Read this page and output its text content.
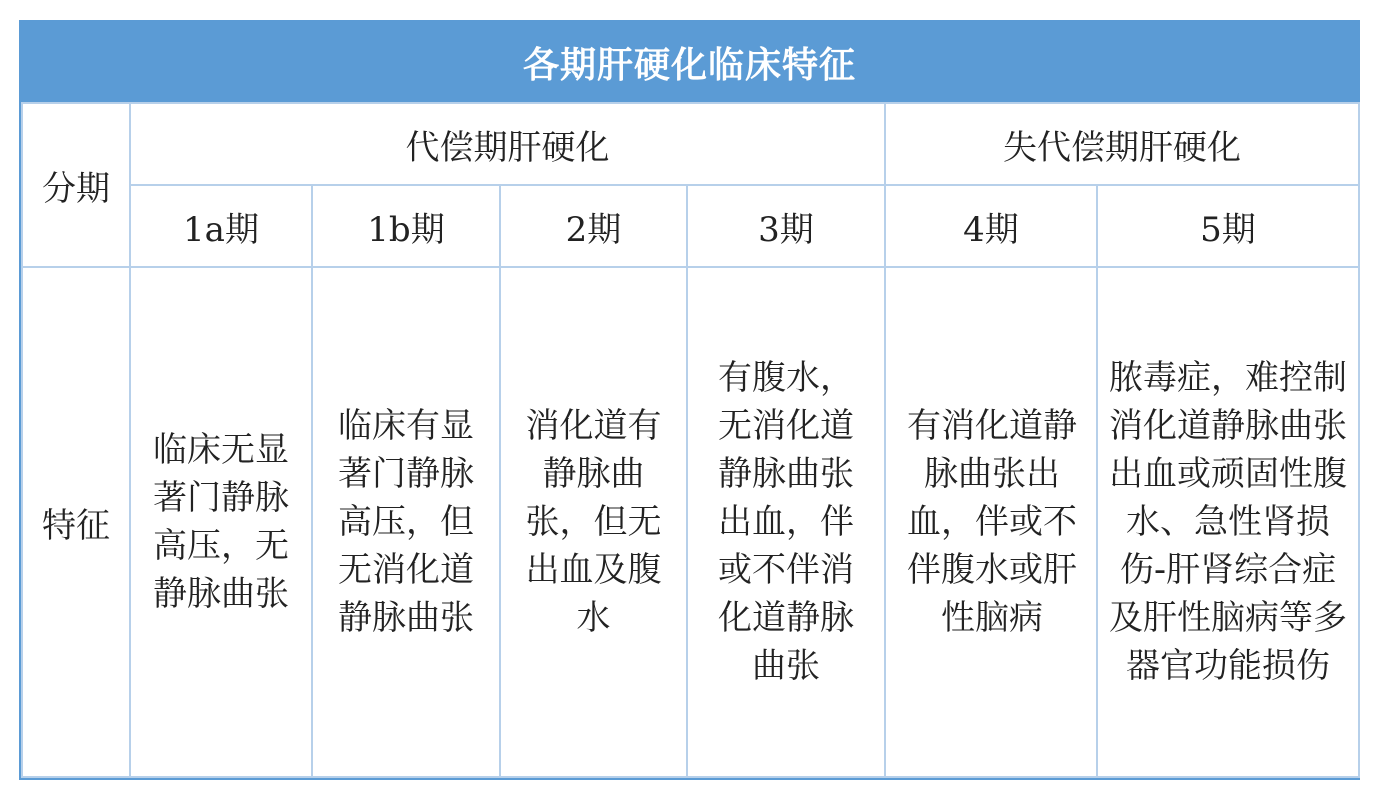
各期肝硬化临床特征
分期	代偿期肝硬化				失代偿期肝硬化	
	1a期	1b期	2期	3期	4期	5期
特征	临床无显著门静脉高压，无静脉曲张	临床有显著门静脉高压，但无消化道静脉曲张	消化道有静脉曲张，但无出血及腹水	有腹水，无消化道静脉曲张出血，伴或不伴消化道静脉曲张	有消化道静脉曲张出血，伴或不伴腹水或肝性脑病	脓毒症，难控制消化道静脉曲张出血或顽固性腹水、急性肾损伤-肝肾综合症及肝性脑病等多器官功能损伤
